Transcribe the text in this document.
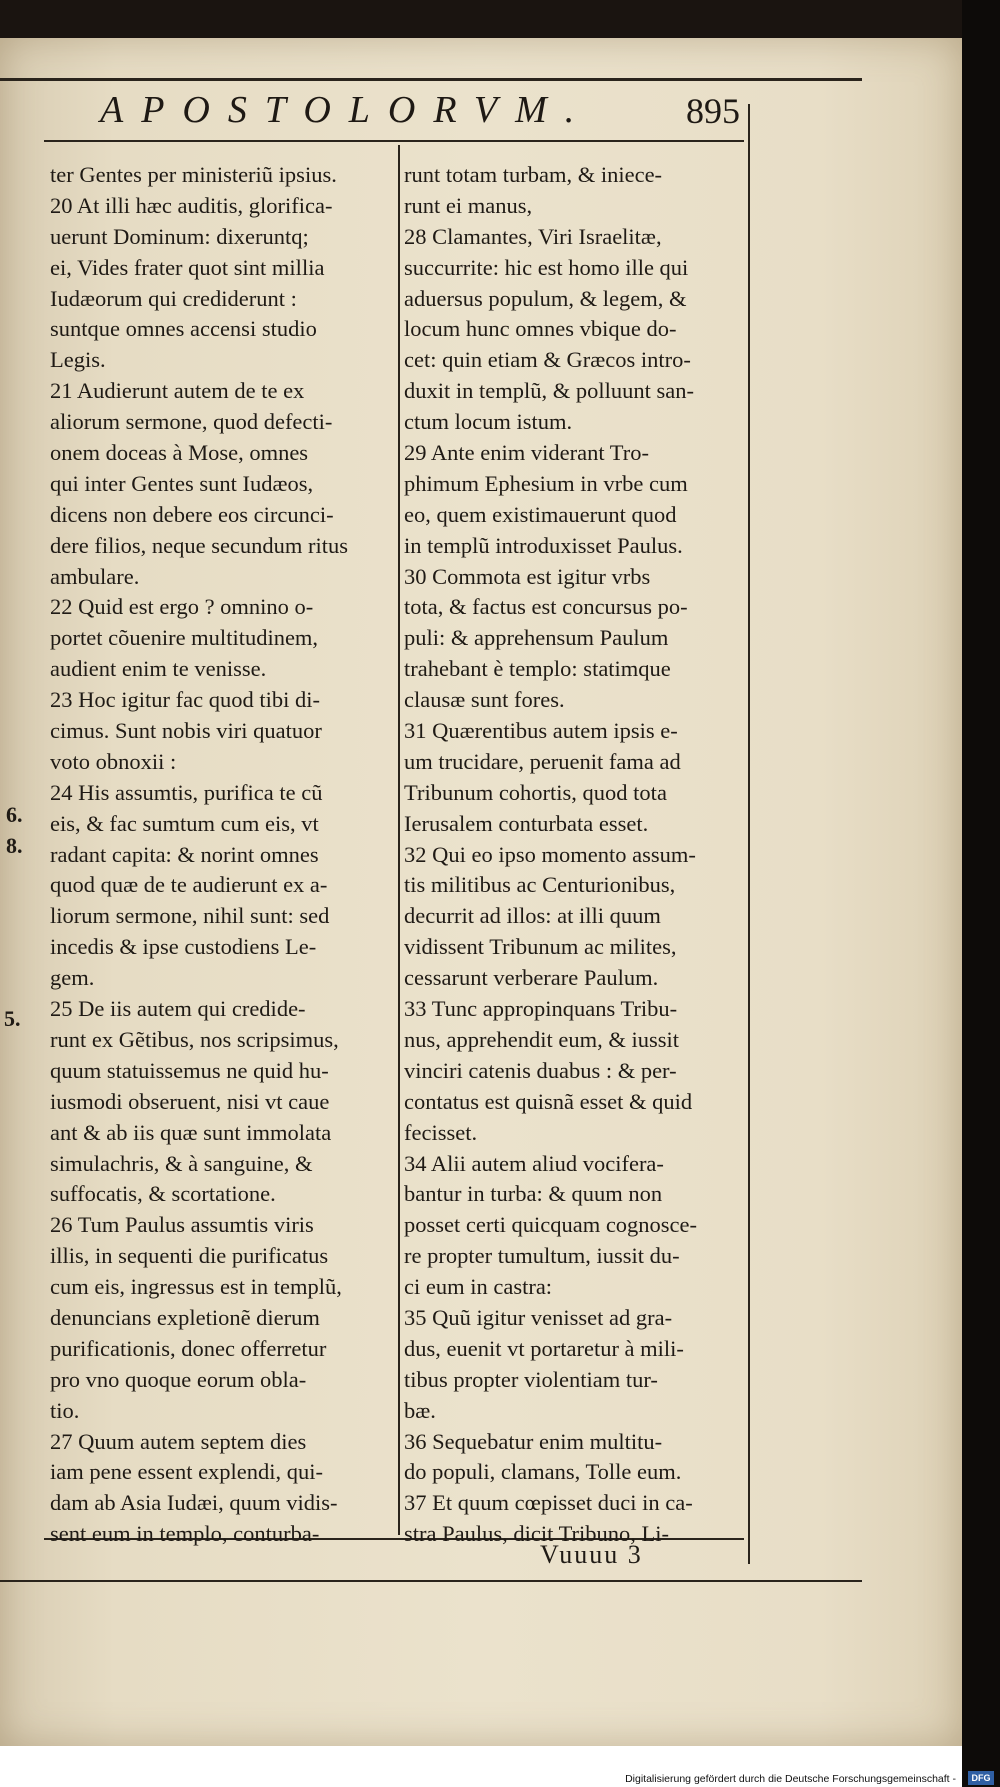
APOSTOLORVM.	895
ter Gentes per ministeriũ ipsius.
20 At illi hæc auditis, glorifica-
uerunt Dominum: dixeruntq;
ei, Vides frater quot sint millia
Iudæorum qui crediderunt :
suntque omnes accensi studio
Legis.
21 Audierunt autem de te ex
aliorum sermone, quod defecti-
onem doceas à Mose, omnes
qui inter Gentes sunt Iudæos,
dicens non debere eos circunci-
dere filios, neque secundum ritus
ambulare.
22 Quid est ergo ? omnino o-
portet cõuenire multitudinem,
audient enim te venisse.
23 Hoc igitur fac quod tibi di-
cimus. Sunt nobis viri quatuor
voto obnoxii :
24 His assumtis, purifica te cũ
eis, & fac sumtum cum eis, vt
radant capita: & norint omnes
quod quæ de te audierunt ex a-
liorum sermone, nihil sunt: sed
incedis & ipse custodiens Le-
gem.
25 De iis autem qui credide-
runt ex Gẽtibus, nos scripsimus,
quum statuissemus ne quid hu-
iusmodi obseruent, nisi vt caue
ant & ab iis quæ sunt immolata
simulachris, & à sanguine, &
suffocatis, & scortatione.
26 Tum Paulus assumtis viris
illis, in sequenti die purificatus
cum eis, ingressus est in templũ,
denuncians expletionẽ dierum
purificationis, donec offerretur
pro vno quoque eorum obla-
tio.
27 Quum autem septem dies
iam pene essent explendi, qui-
dam ab Asia Iudæi, quum vidis-
sent eum in templo, conturba-
runt totam turbam, & iniece-
runt ei manus,
28 Clamantes, Viri Israelitæ,
succurrite: hic est homo ille qui
aduersus populum, & legem, &
locum hunc omnes vbique do-
cet: quin etiam & Græcos intro-
duxit in templũ, & polluunt san-
ctum locum istum.
29 Ante enim viderant Tro-
phimum Ephesium in vrbe cum
eo, quem existimauerunt quod
in templũ introduxisset Paulus.
30 Commota est igitur vrbs
tota, & factus est concursus po-
puli: & apprehensum Paulum
trahebant è templo: statimque
clausæ sunt fores.
31 Quærentibus autem ipsis e-
um trucidare, peruenit fama ad
Tribunum cohortis, quod tota
Ierusalem conturbata esset.
32 Qui eo ipso momento assum-
tis militibus ac Centurionibus,
decurrit ad illos: at illi quum
vidissent Tribunum ac milites,
cessarunt verberare Paulum.
33 Tunc appropinquans Tribu-
nus, apprehendit eum, & iussit
vinciri catenis duabus : & per-
contatus est quisnã esset & quid
fecisset.
34 Alii autem aliud vocifera-
bantur in turba: & quum non
posset certi quicquam cognosce-
re propter tumultum, iussit du-
ci eum in castra:
35 Quũ igitur venisset ad gra-
dus, euenit vt portaretur à mili-
tibus propter violentiam tur-
bæ.
36 Sequebatur enim multitu-
do populi, clamans, Tolle eum.
37 Et quum cœpisset duci in ca-
stra Paulus, dicit Tribuno, Li-
6.
8.
5.
Vuuuu 3
Digitalisierung gefördert durch die Deutsche Forschungsgemeinschaft -	DFG
